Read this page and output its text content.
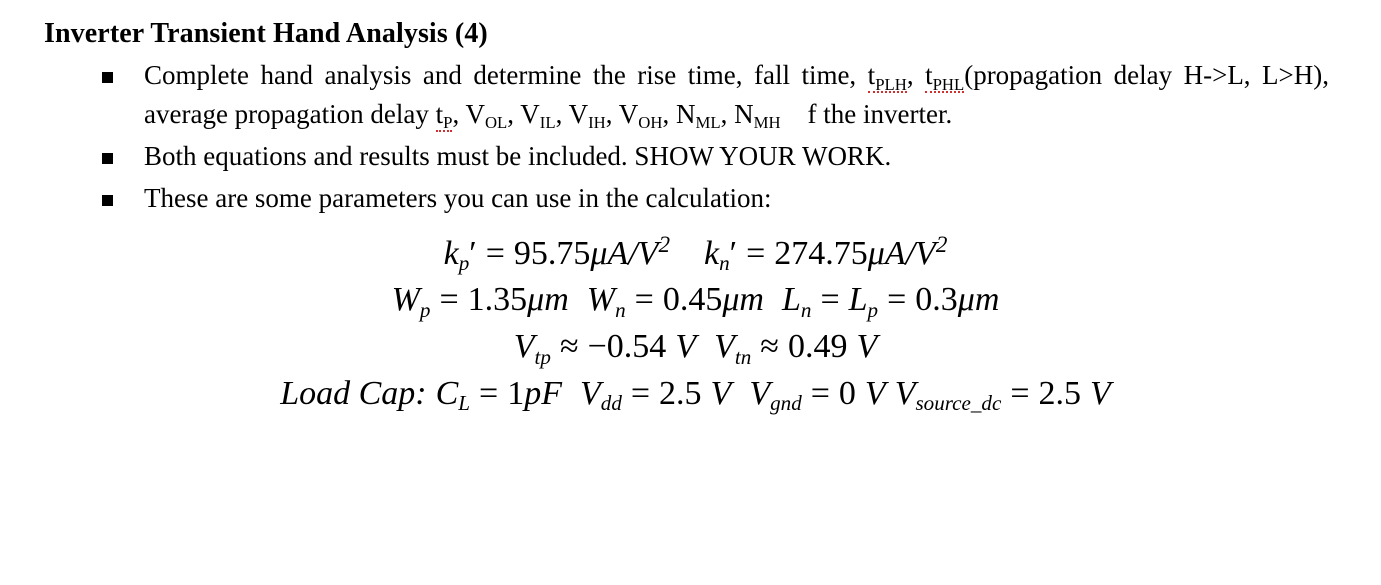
Inverter Transient Hand Analysis (4)
Complete hand analysis and determine the rise time, fall time, $t_{PLH}$, $t_{PHL}(propagation$ delay H->L, L>H), average propagation delay $t_P$, $V_{OL}$, $V_{IL}$, $V_{IH}$, $V_{OH}$, $N_{ML}$, $N_{MH}$    f the inverter.
Both equations and results must be included. SHOW YOUR WORK.
These are some parameters you can use in the calculation:
$kp' = 95.75\mu A/V^2$ $kn' = 274.75\mu A/V^2$
Wp = 1.35μm Wn = 0.45μm Ln = Lp = 0.3μm
Vtp ≈ −0.54 V Vtn ≈ 0.49 V
Load Cap: CL = 1pF Vdd = 2.5 V Vgnd = 0 V Vsource_dc = 2.5 V
